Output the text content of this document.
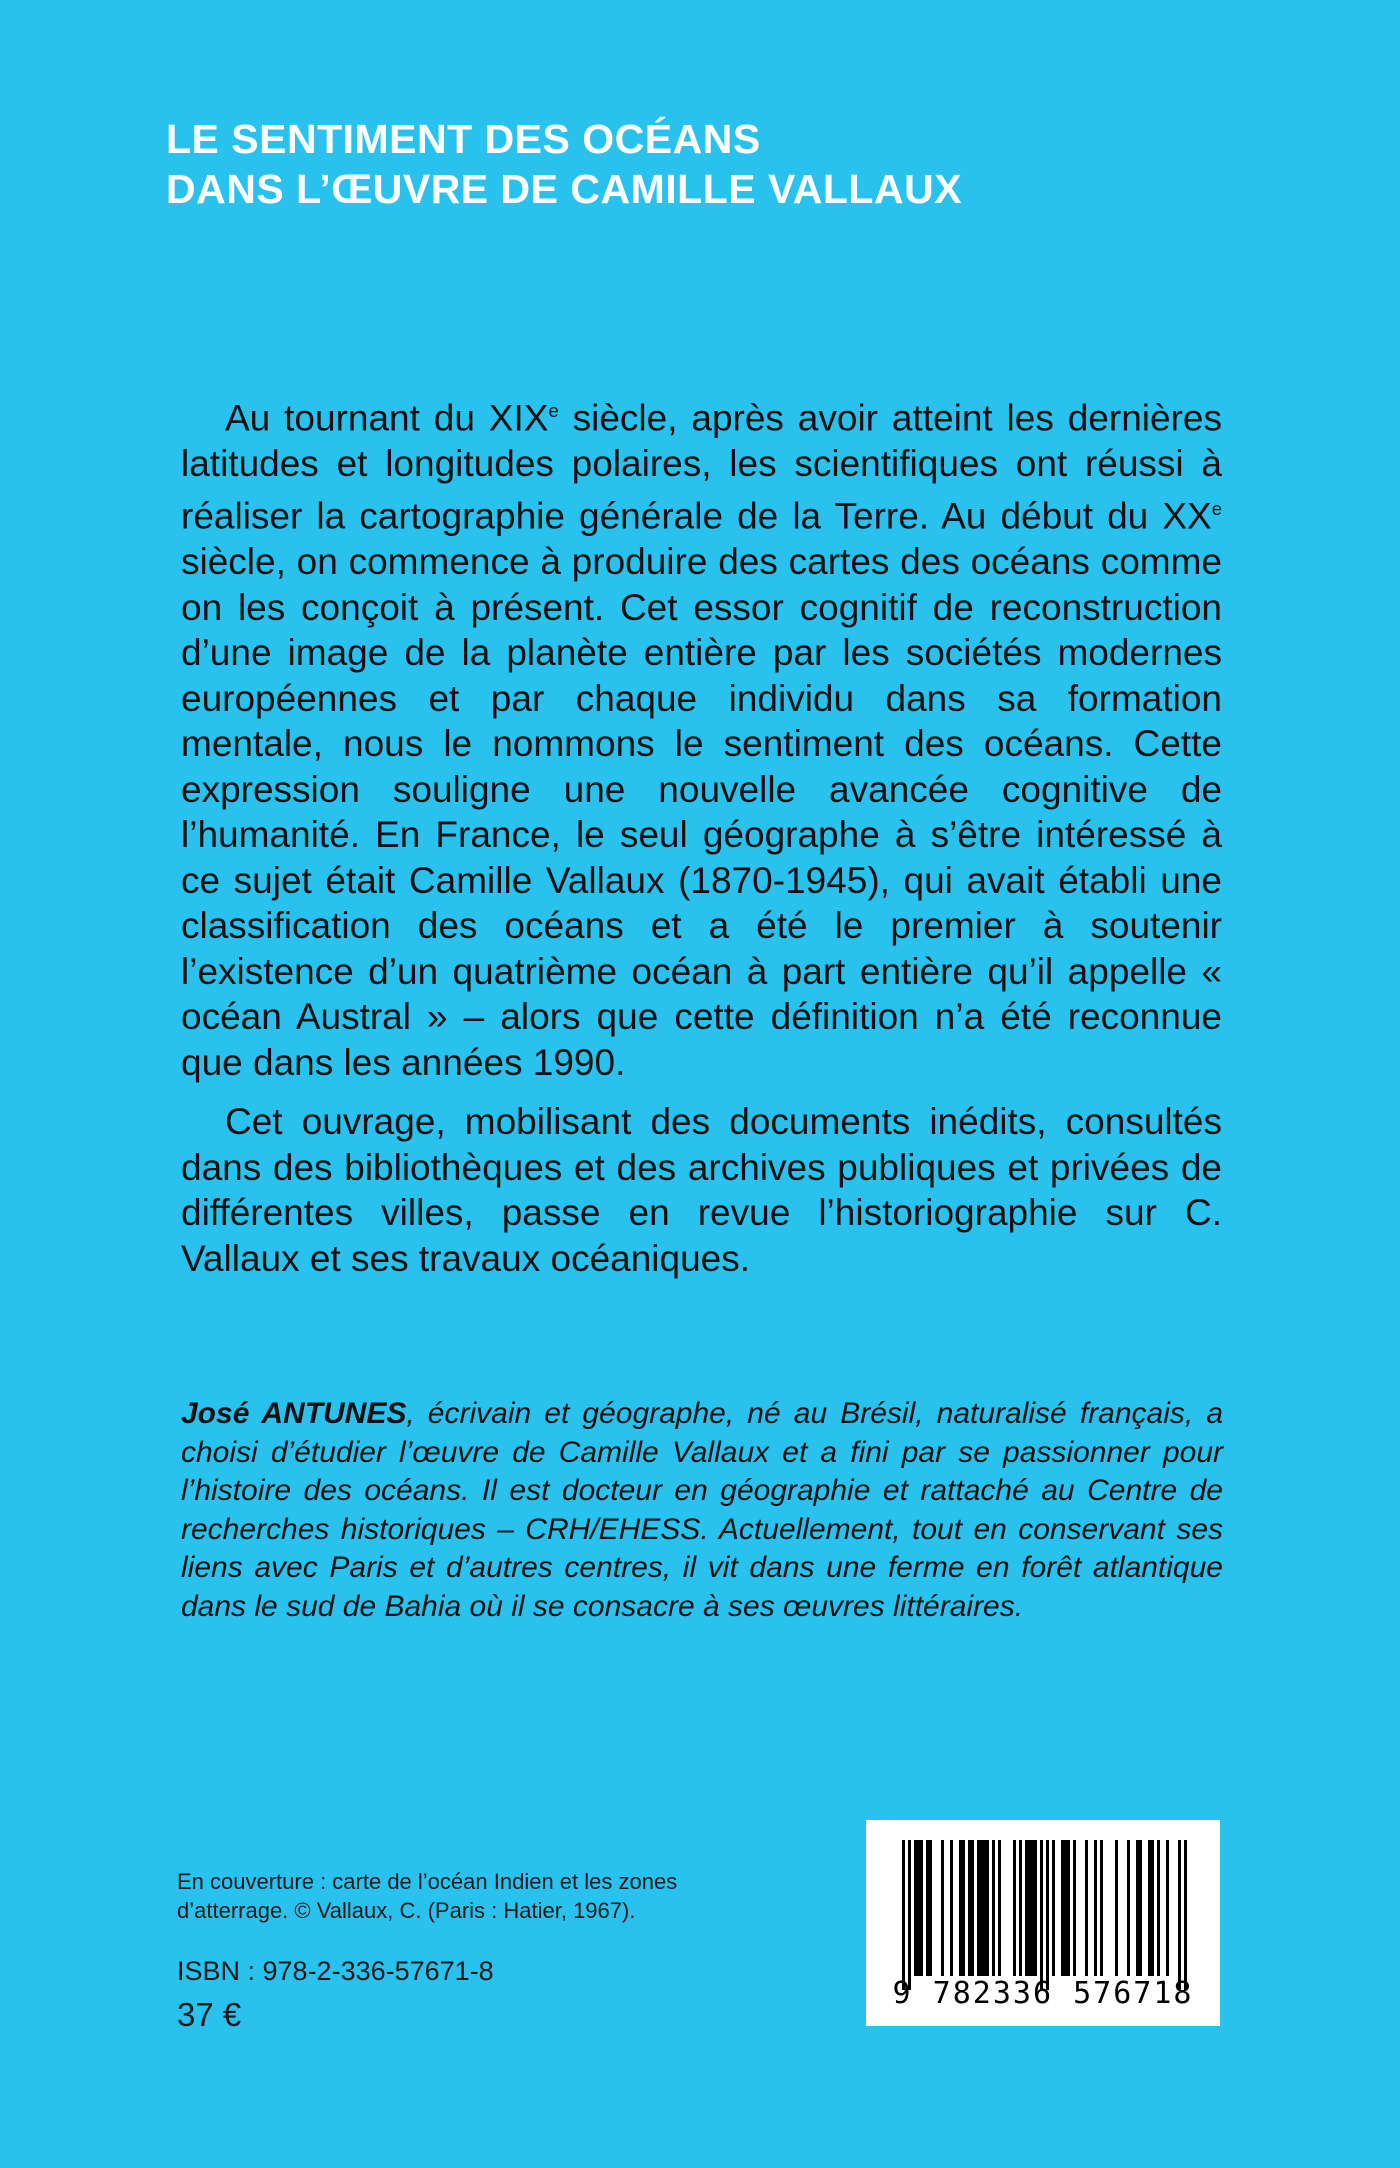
LE SENTIMENT DES OCÉANS
DANS L’ŒUVRE DE CAMILLE VALLAUX

Au tournant du XIXe siècle, après avoir atteint les dernières latitudes et longitudes polaires, les scientifiques ont réussi à réaliser la cartographie générale de la Terre. Au début du XXe siècle, on commence à produire des cartes des océans comme on les conçoit à présent. Cet essor cognitif de reconstruction d’une image de la planète entière par les sociétés modernes européennes et par chaque individu dans sa formation mentale, nous le nommons le sentiment des océans. Cette expression souligne une nouvelle avancée cognitive de l’humanité. En France, le seul géographe à s’être intéressé à ce sujet était Camille Vallaux (1870-1945), qui avait établi une classification des océans et a été le premier à soutenir l’existence d’un quatrième océan à part entière qu’il appelle « océan Austral » – alors que cette définition n’a été reconnue que dans les années 1990.

Cet ouvrage, mobilisant des documents inédits, consultés dans des bibliothèques et des archives publiques et privées de différentes villes, passe en revue l’historiographie sur C. Vallaux et ses travaux océaniques.

José ANTUNES, écrivain et géographe, né au Brésil, naturalisé français, a choisi d’étudier l’œuvre de Camille Vallaux et a fini par se passionner pour l’histoire des océans. Il est docteur en géographie et rattaché au Centre de recherches historiques – CRH/EHESS. Actuellement, tout en conservant ses liens avec Paris et d’autres centres, il vit dans une ferme en forêt atlantique dans le sud de Bahia où il se consacre à ses œuvres littéraires.
En couverture : carte de l’océan Indien et les zones
d’atterrage. © Vallaux, C. (Paris : Hatier, 1967).
ISBN : 978-2-336-57671-8
37 €
9 782336 576718
